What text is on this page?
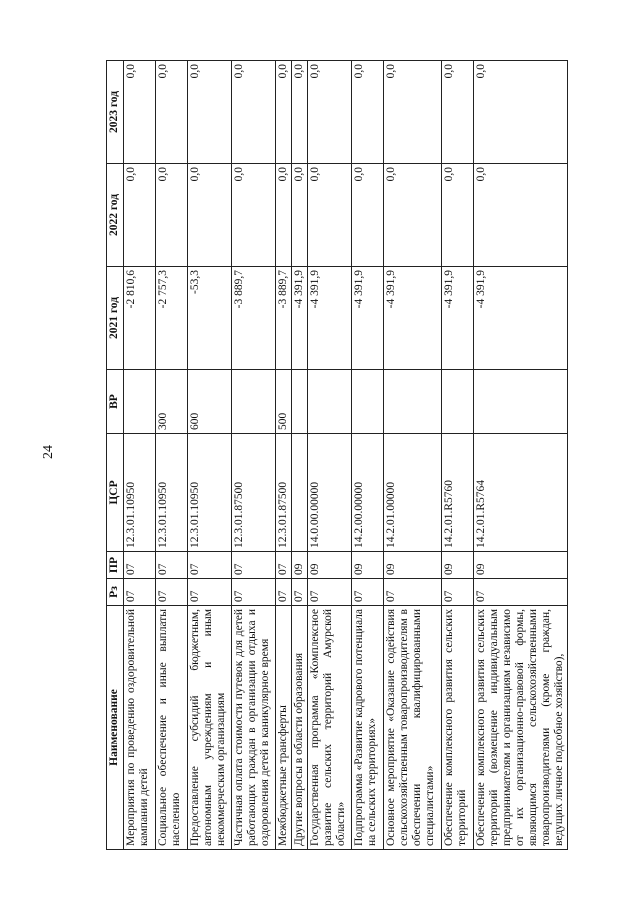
24
Наименование	Рз	ПР	ЦСР	ВР	2021 год	2022 год	2023 год
Мероприятия по проведению оздоровительной кампании детей	07	07	12.3.01.10950		-2 810,6	0,0	0,0
Социальное обеспечение и иные выплаты населению	07	07	12.3.01.10950	300	-2 757,3	0,0	0,0
Предоставление субсидий бюджетным, автономным учреждениям и иным некоммерческим организациям	07	07	12.3.01.10950	600	-53,3	0,0	0,0
Частичная оплата стоимости путевок для детей работающих граждан в организации отдыха и оздоровления детей в каникулярное время	07	07	12.3.01.87500		-3 889,7	0,0	0,0
Межбюджетные трансферты	07	07	12.3.01.87500	500	-3 889,7	0,0	0,0
Другие вопросы в области образования	07	09			-4 391,9	0,0	0,0
Государственная программа «Комплексное развитие сельских территорий Амурской области»	07	09	14.0.00.00000		-4 391,9	0,0	0,0
Подпрограмма «Развитие кадрового потенциала на сельских территориях»	07	09	14.2.00.00000		-4 391,9	0,0	0,0
Основное мероприятие «Оказание содействия сельскохозяйственным товаропроизводителям в обеспечении квалифицированными специалистами»	07	09	14.2.01.00000		-4 391,9	0,0	0,0
Обеспечение комплексного развития сельских территорий	07	09	14.2.01.R5760		-4 391,9	0,0	0,0
Обеспечение комплексного развития сельских территорий (возмещение индивидуальным предпринимателям и организациям независимо от их организационно-правовой формы, являющимся сельскохозяйственными товаропроизводителями (кроме граждан, ведущих личное подсобное хозяйство),	07	09	14.2.01.R5764		-4 391,9	0,0	0,0
